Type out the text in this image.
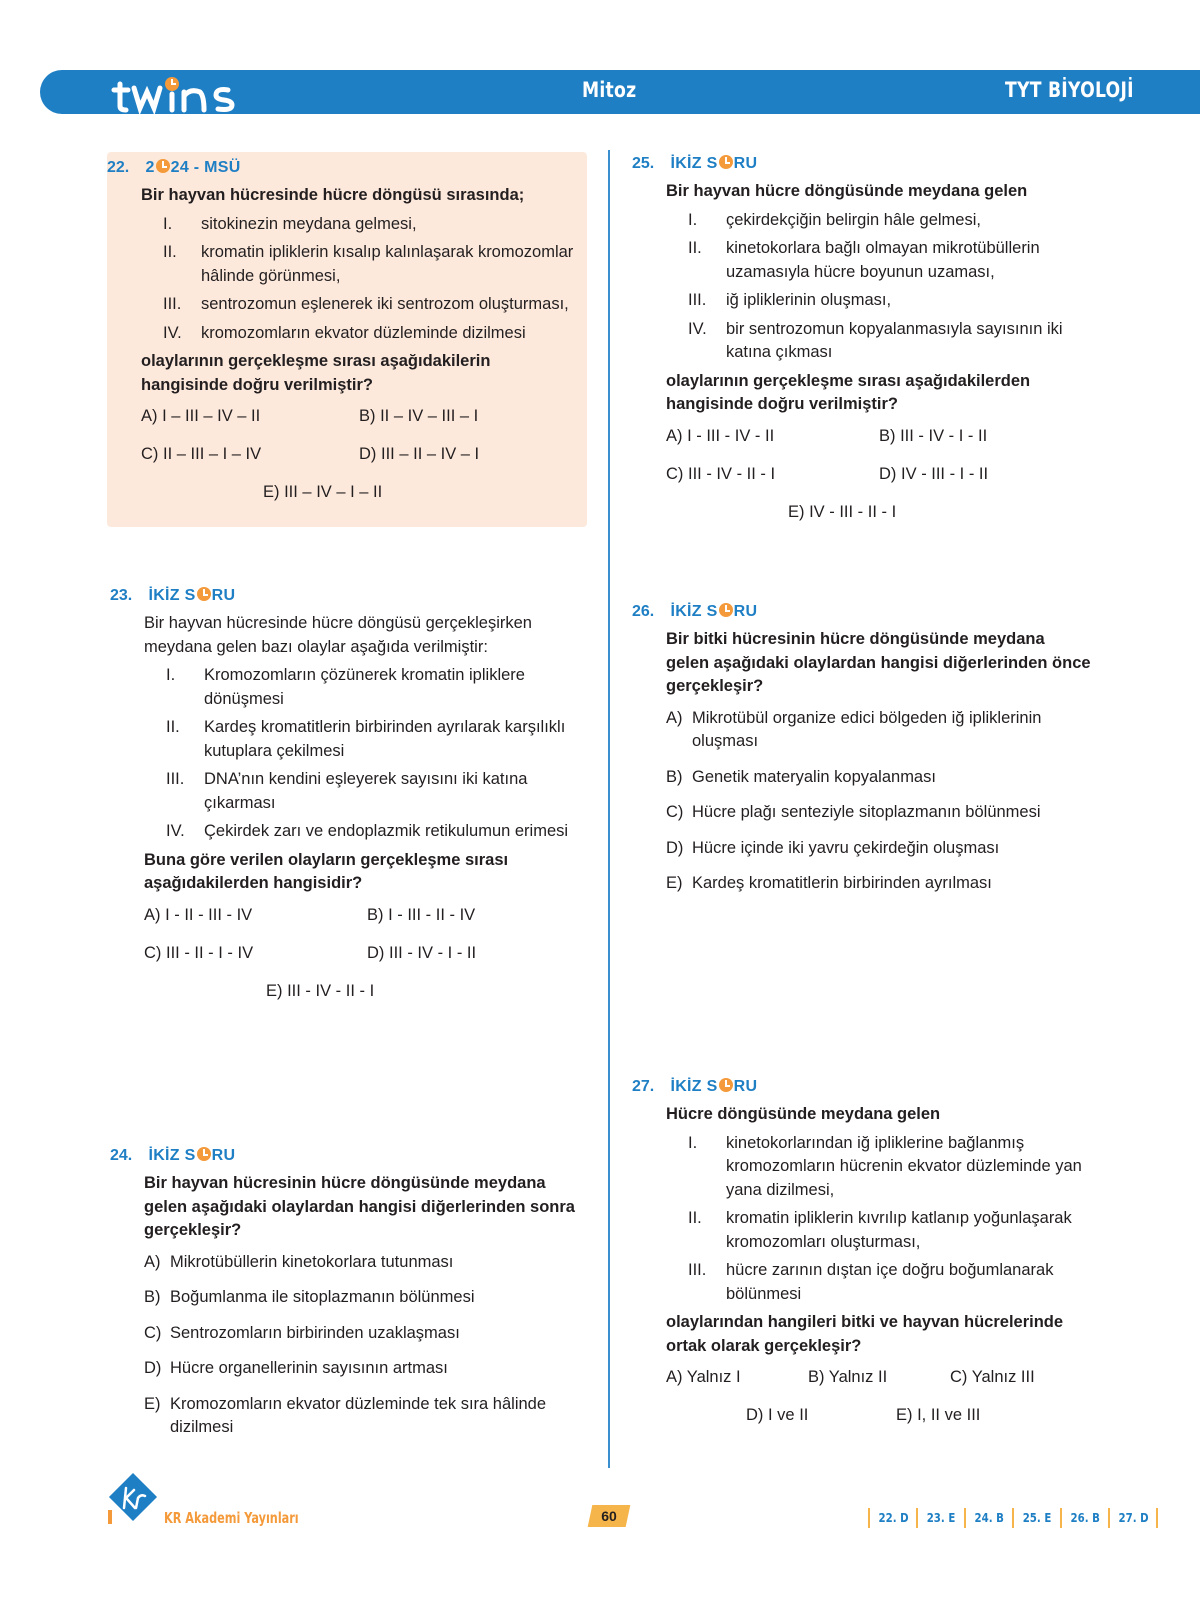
Mitoz	TYT BİYOLOJİ
22. 2 24 - MSÜ
Bir hayvan hücresinde hücre döngüsü sırasında;
I. sitokinezin meydana gelmesi,
II. kromatin ipliklerin kısalıp kalınlaşarak kromozomlar hâlinde görünmesi,
III. sentrozomun eşlenerek iki sentrozom oluşturması,
IV. kromozomların ekvator düzleminde dizilmesi
olaylarının gerçekleşme sırası aşağıdakilerin hangisinde doğru verilmiştir?
A) I – III – IV – II	B) II – IV – III – I
C) II – III – I – IV	D) III – II – IV – I
E) III – IV – I – II
23. İKİZ S RU
Bir hayvan hücresinde hücre döngüsü gerçekleşirken meydana gelen bazı olaylar aşağıda verilmiştir:
I. Kromozomların çözünerek kromatin ipliklere dönüşmesi
II. Kardeş kromatitlerin birbirinden ayrılarak karşılıklı kutuplara çekilmesi
III. DNA’nın kendini eşleyerek sayısını iki katına çıkarması
IV. Çekirdek zarı ve endoplazmik retikulumun erimesi
Buna göre verilen olayların gerçekleşme sırası aşağıdakilerden hangisidir?
A) I - II - III - IV	B) I - III - II - IV
C) III - II - I - IV	D) III - IV - I - II
E) III - IV - II - I
24. İKİZ S RU
Bir hayvan hücresinin hücre döngüsünde meydana gelen aşağıdaki olaylardan hangisi diğerlerinden sonra gerçekleşir?
A) Mikrotübüllerin kinetokorlara tutunması
B) Boğumlanma ile sitoplazmanın bölünmesi
C) Sentrozomların birbirinden uzaklaşması
D) Hücre organellerinin sayısının artması
E) Kromozomların ekvator düzleminde tek sıra hâlinde dizilmesi
25. İKİZ S RU
Bir hayvan hücre döngüsünde meydana gelen
I. çekirdekçiğin belirgin hâle gelmesi,
II. kinetokorlara bağlı olmayan mikrotübüllerin uzamasıyla hücre boyunun uzaması,
III. iğ ipliklerinin oluşması,
IV. bir sentrozomun kopyalanmasıyla sayısının iki katına çıkması
olaylarının gerçekleşme sırası aşağıdakilerden hangisinde doğru verilmiştir?
A) I - III - IV - II	B) III - IV - I - II
C) III - IV - II - I	D) IV - III - I - II
E) IV - III - II - I
26. İKİZ S RU
Bir bitki hücresinin hücre döngüsünde meydana gelen aşağıdaki olaylardan hangisi diğerlerinden önce gerçekleşir?
A) Mikrotübül organize edici bölgeden iğ ipliklerinin oluşması
B) Genetik materyalin kopyalanması
C) Hücre plağı senteziyle sitoplazmanın bölünmesi
D) Hücre içinde iki yavru çekirdeğin oluşması
E) Kardeş kromatitlerin birbirinden ayrılması
27. İKİZ S RU
Hücre döngüsünde meydana gelen
I. kinetokorlarından iğ ipliklerine bağlanmış kromozomların hücrenin ekvator düzleminde yan yana dizilmesi,
II. kromatin ipliklerin kıvrılıp katlanıp yoğunlaşarak kromozomları oluşturması,
III. hücre zarının dıştan içe doğru boğumlanarak bölünmesi
olaylarından hangileri bitki ve hayvan hücrelerinde ortak olarak gerçekleşir?
A) Yalnız I	B) Yalnız II	C) Yalnız III
D) I ve II	E) I, II ve III
KR Akademi Yayınları	60	22. D 23. E 24. B 25. E 26. B 27. D
